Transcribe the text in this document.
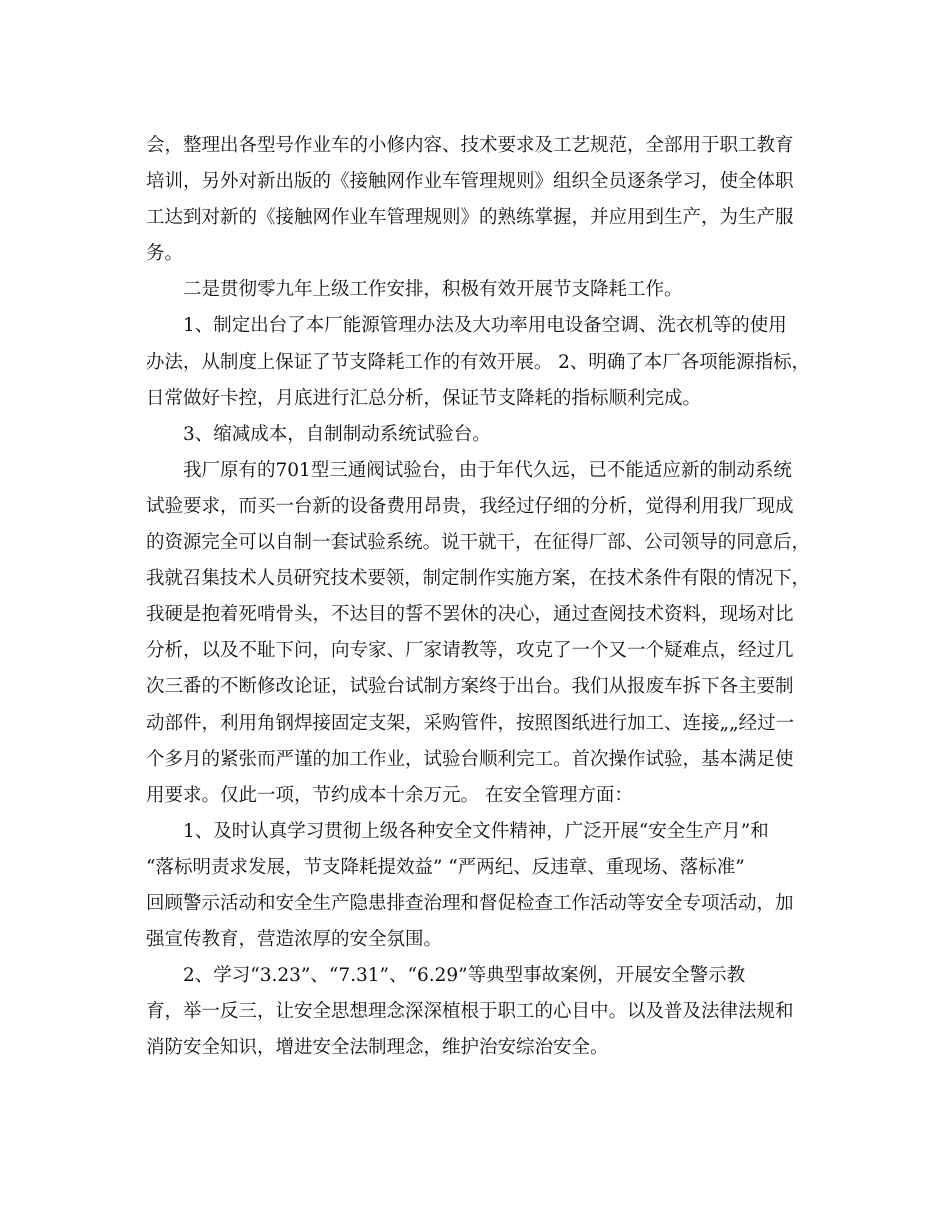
会，整理出各型号作业车的小修内容、技术要求及工艺规范，全部用于职工教育
培训，另外对新出版的《接触网作业车管理规则》组织全员逐条学习，使全体职
工达到对新的《接触网作业车管理规则》的熟练掌握，并应用到生产，为生产服
务。
二是贯彻零九年上级工作安排，积极有效开展节支降耗工作。
1、制定出台了本厂能源管理办法及大功率用电设备空调、洗衣机等的使用
办法，从制度上保证了节支降耗工作的有效开展。 2、明确了本厂各项能源指标，
日常做好卡控，月底进行汇总分析，保证节支降耗的指标顺利完成。
3、缩减成本，自制制动系统试验台。
我厂原有的701型三通阀试验台，由于年代久远，已不能适应新的制动系统
试验要求，而买一台新的设备费用昂贵，我经过仔细的分析，觉得利用我厂现成
的资源完全可以自制一套试验系统。说干就干，在征得厂部、公司领导的同意后，
我就召集技术人员研究技术要领，制定制作实施方案，在技术条件有限的情况下，
我硬是抱着死啃骨头，不达目的誓不罢休的决心，通过查阅技术资料，现场对比
分析，以及不耻下问，向专家、厂家请教等，攻克了一个又一个疑难点，经过几
次三番的不断修改论证，试验台试制方案终于出台。我们从报废车拆下各主要制
动部件，利用角钢焊接固定支架，采购管件，按照图纸进行加工、连接„„经过一
个多月的紧张而严谨的加工作业，试验台顺利完工。首次操作试验，基本满足使
用要求。仅此一项，节约成本十余万元。 在安全管理方面：
1、及时认真学习贯彻上级各种安全文件精神，广泛开展“安全生产月”和
“落标明责求发展，节支降耗提效益” “严两纪、反违章、重现场、落标准”
回顾警示活动和安全生产隐患排查治理和督促检查工作活动等安全专项活动，加
强宣传教育，营造浓厚的安全氛围。
2、学习“3.23”、“7.31”、“6.29”等典型事故案例，开展安全警示教
育，举一反三，让安全思想理念深深植根于职工的心目中。以及普及法律法规和
消防安全知识，增进安全法制理念，维护治安综治安全。
